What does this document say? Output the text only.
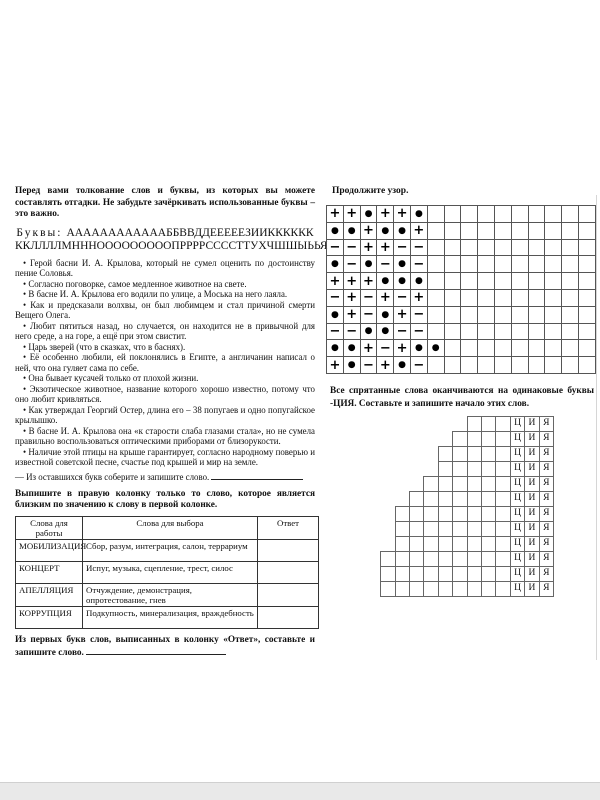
Перед вами толкование слов и буквы, из которых вы можете составлять отгадки. Не забудьте зачёркивать использованные буквы – это важно.

Буквы: ААААААААААААББВВДДЕЕЕЕЕЗИИКККККК
ККЛЛЛЛМНННОООООООООПРРРРССССТТУХЧШШЫЬЬЯ

• Герой басни И. А. Крылова, который не сумел оценить по достоинству пение Соловья.

• Согласно поговорке, самое медленное животное на свете.

• В басне И. А. Крылова его водили по улице, а Моська на него лаяла.

• Как и предсказали волхвы, он был любимцем и стал причиной смерти Вещего Олега.

• Любит пятиться назад, но случается, он находится не в привычной для него среде, а на горе, а ещё при этом свистит.

• Царь зверей (что в сказках, что в баснях).

• Её особенно любили, ей поклонялись в Египте, а англичанин написал о ней, что она гуляет сама по себе.

• Она бывает кусачей только от плохой жизни.

• Экзотическое животное, название которого хорошо известно, потому что оно любит кривляться.

• Как утверждал Георгий Остер, длина его – 38 попугаев и одно попугайское крылышко.

• В басне И. А. Крылова она «к старости слаба глазами стала», но не сумела правильно воспользоваться оптическими приборами от близорукости.

• Наличие этой птицы на крыше гарантирует, согласно народному поверью и известной советской песне, счастье под крышей и мир на земле.

— Из оставшихся букв соберите и запишите слово.

Выпишите в правую колонку только то слово, которое является близким по значению к слову в первой колонке.

Слова для работы	Слова для выбора	Ответ
МОБИЛИЗАЦИЯ	Сбор, разум, интеграция, салон, террариум	
КОНЦЕРТ	Испуг, музыка, сцепление, трест, силос	
АПЕЛЛЯЦИЯ	Отчуждение, демонстрация, опротестование, гнев	
КОРРУПЦИЯ	Подкупность, минерализация, враждебность	

Из первых букв слов, выписанных в колонку «Ответ», составьте и запишите слово.

Продолжите узор.

+ + ● + + ●
● ● + ● ● +
− − + + − −
● − ● − ● −
+ + + ● ● ●
− + − + − +
● + − ● + −
− − ● ● − −
● ● + − + ● ●
+ ● − + ● −

Все спрятанные слова оканчиваются на одинаковые буквы -ЦИЯ. Составьте и запишите начало этих слов.

Ц И Я
Ц И Я
Ц И Я
Ц И Я
Ц И Я
Ц И Я
Ц И Я
Ц И Я
Ц И Я
Ц И Я
Ц И Я
Ц И Я
